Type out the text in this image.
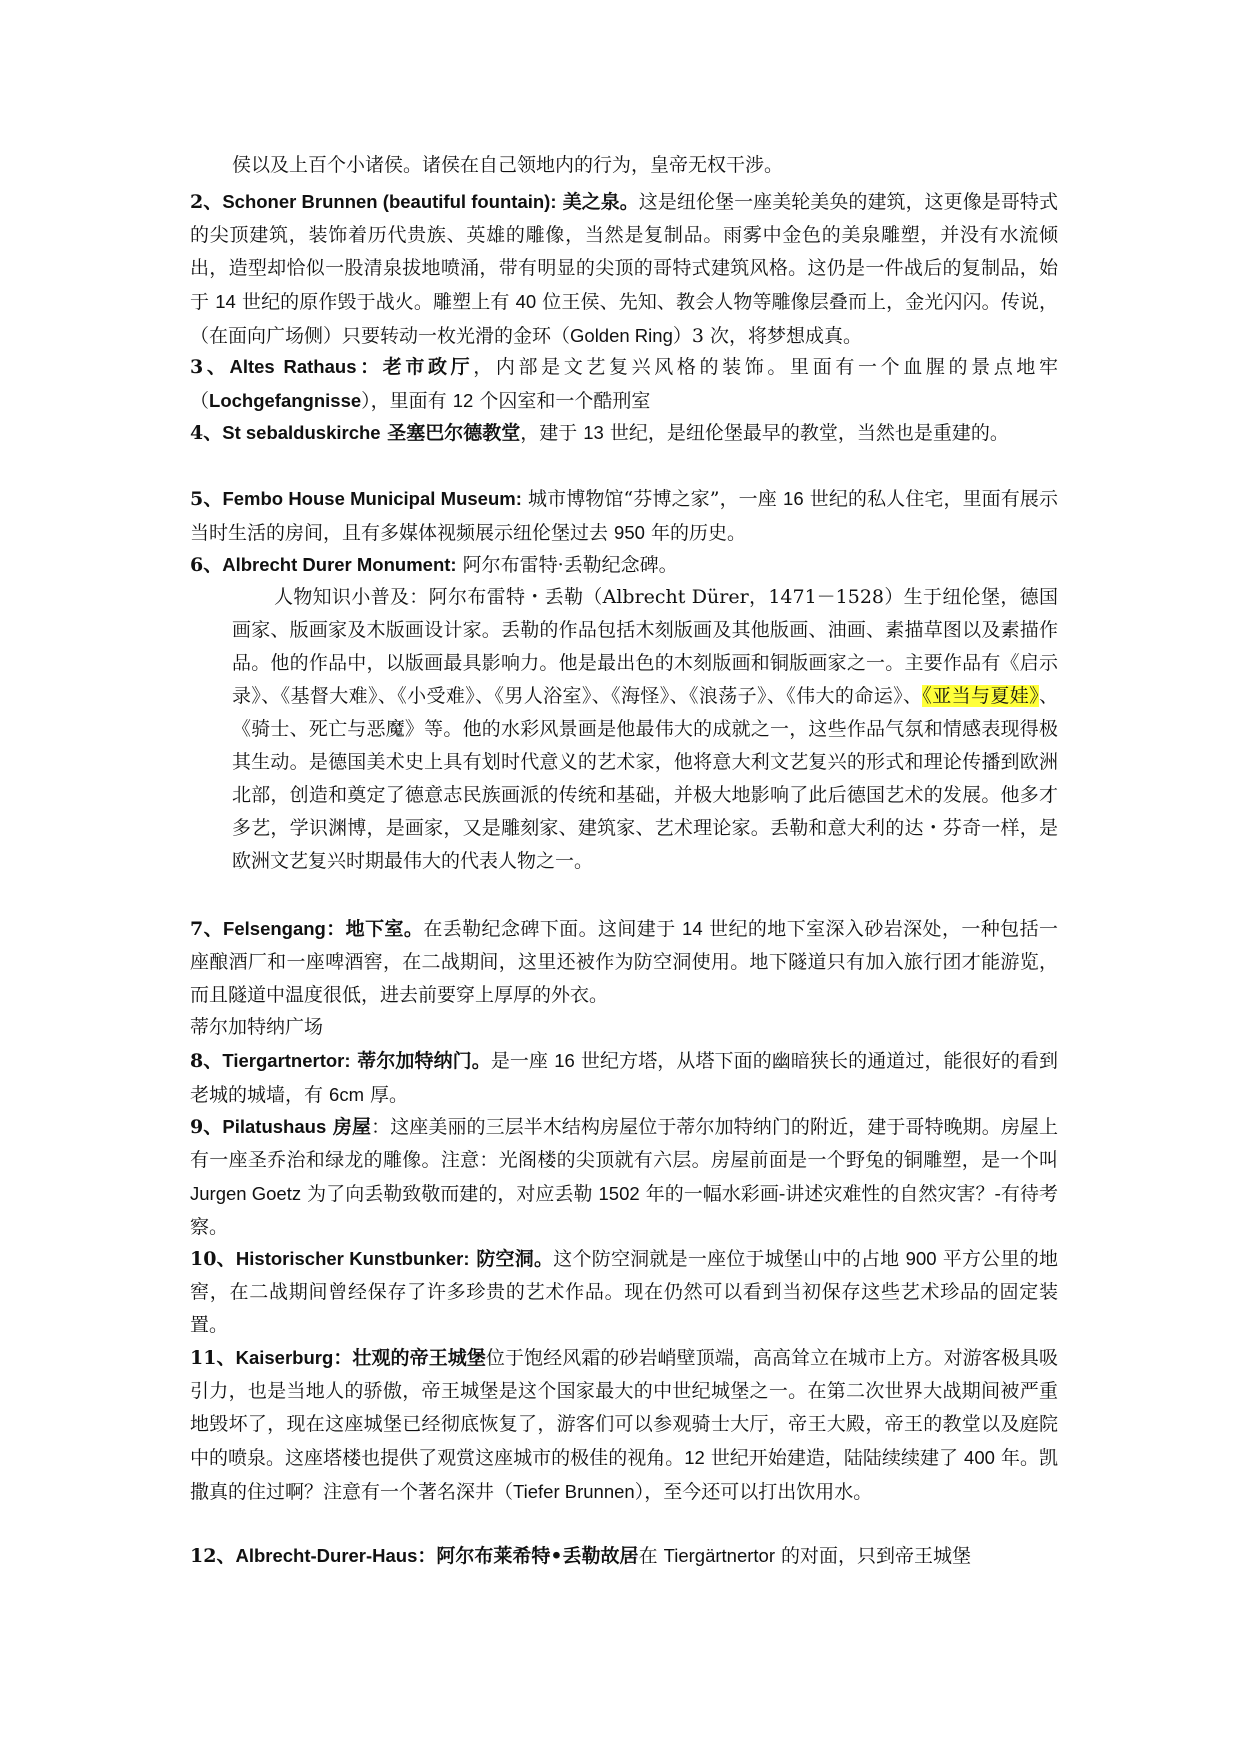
侯以及上百个小诸侯。诸侯在自己领地内的行为，皇帝无权干涉。

2、Schoner Brunnen (beautiful fountain): 美之泉。这是纽伦堡一座美轮美奂的建筑，这更像是哥特式的尖顶建筑，装饰着历代贵族、英雄的雕像，当然是复制品。雨雾中金色的美泉雕塑，并没有水流倾出，造型却恰似一股清泉拔地喷涌，带有明显的尖顶的哥特式建筑风格。这仍是一件战后的复制品，始于 14 世纪的原作毁于战火。雕塑上有 40 位王侯、先知、教会人物等雕像层叠而上，金光闪闪。传说，（在面向广场侧）只要转动一枚光滑的金环（Golden Ring）3 次，将梦想成真。

3、Altes Rathaus：老市政厅，内部是文艺复兴风格的装饰。里面有一个血腥的景点地牢（Lochgefangnisse），里面有 12 个囚室和一个酷刑室

4、St sebalduskirche 圣塞巴尔德教堂，建于 13 世纪，是纽伦堡最早的教堂，当然也是重建的。

5、Fembo House Municipal Museum: 城市博物馆“芬博之家”，一座 16 世纪的私人住宅，里面有展示当时生活的房间，且有多媒体视频展示纽伦堡过去 950 年的历史。

6、Albrecht Durer Monument: 阿尔布雷特·丢勒纪念碑。

人物知识小普及：阿尔布雷特・丢勒（Albrecht Dürer，1471－1528）生于纽伦堡，德国画家、版画家及木版画设计家。丢勒的作品包括木刻版画及其他版画、油画、素描草图以及素描作品。他的作品中，以版画最具影响力。他是最出色的木刻版画和铜版画家之一。主要作品有《启示录》、《基督大难》、《小受难》、《男人浴室》、《海怪》、《浪荡子》、《伟大的命运》、《亚当与夏娃》、《骑士、死亡与恶魔》等。他的水彩风景画是他最伟大的成就之一，这些作品气氛和情感表现得极其生动。是德国美术史上具有划时代意义的艺术家，他将意大利文艺复兴的形式和理论传播到欧洲北部，创造和奠定了德意志民族画派的传统和基础，并极大地影响了此后德国艺术的发展。他多才多艺，学识渊博，是画家，又是雕刻家、建筑家、艺术理论家。丢勒和意大利的达・芬奇一样，是欧洲文艺复兴时期最伟大的代表人物之一。

7、Felsengang：地下室。在丢勒纪念碑下面。这间建于 14 世纪的地下室深入砂岩深处，一种包括一座酿酒厂和一座啤酒窖，在二战期间，这里还被作为防空洞使用。地下隧道只有加入旅行团才能游览，而且隧道中温度很低，进去前要穿上厚厚的外衣。

蒂尔加特纳广场

8、Tiergartnertor: 蒂尔加特纳门。是一座 16 世纪方塔，从塔下面的幽暗狭长的通道过，能很好的看到老城的城墙，有 6cm 厚。

9、Pilatushaus 房屋：这座美丽的三层半木结构房屋位于蒂尔加特纳门的附近，建于哥特晚期。房屋上有一座圣乔治和绿龙的雕像。注意：光阁楼的尖顶就有六层。房屋前面是一个野兔的铜雕塑，是一个叫 Jurgen Goetz 为了向丢勒致敬而建的，对应丢勒 1502 年的一幅水彩画-讲述灾难性的自然灾害？-有待考察。

10、Historischer Kunstbunker: 防空洞。这个防空洞就是一座位于城堡山中的占地 900 平方公里的地窖，在二战期间曾经保存了许多珍贵的艺术作品。现在仍然可以看到当初保存这些艺术珍品的固定装置。

11、Kaiserburg：壮观的帝王城堡位于饱经风霜的砂岩峭壁顶端，高高耸立在城市上方。对游客极具吸引力，也是当地人的骄傲，帝王城堡是这个国家最大的中世纪城堡之一。在第二次世界大战期间被严重地毁坏了，现在这座城堡已经彻底恢复了，游客们可以参观骑士大厅，帝王大殿，帝王的教堂以及庭院中的喷泉。这座塔楼也提供了观赏这座城市的极佳的视角。12 世纪开始建造，陆陆续续建了 400 年。凯撒真的住过啊？注意有一个著名深井（Tiefer Brunnen），至今还可以打出饮用水。

12、Albrecht-Durer-Haus：阿尔布莱希特•丢勒故居在 Tiergärtnertor 的对面，只到帝王城堡
